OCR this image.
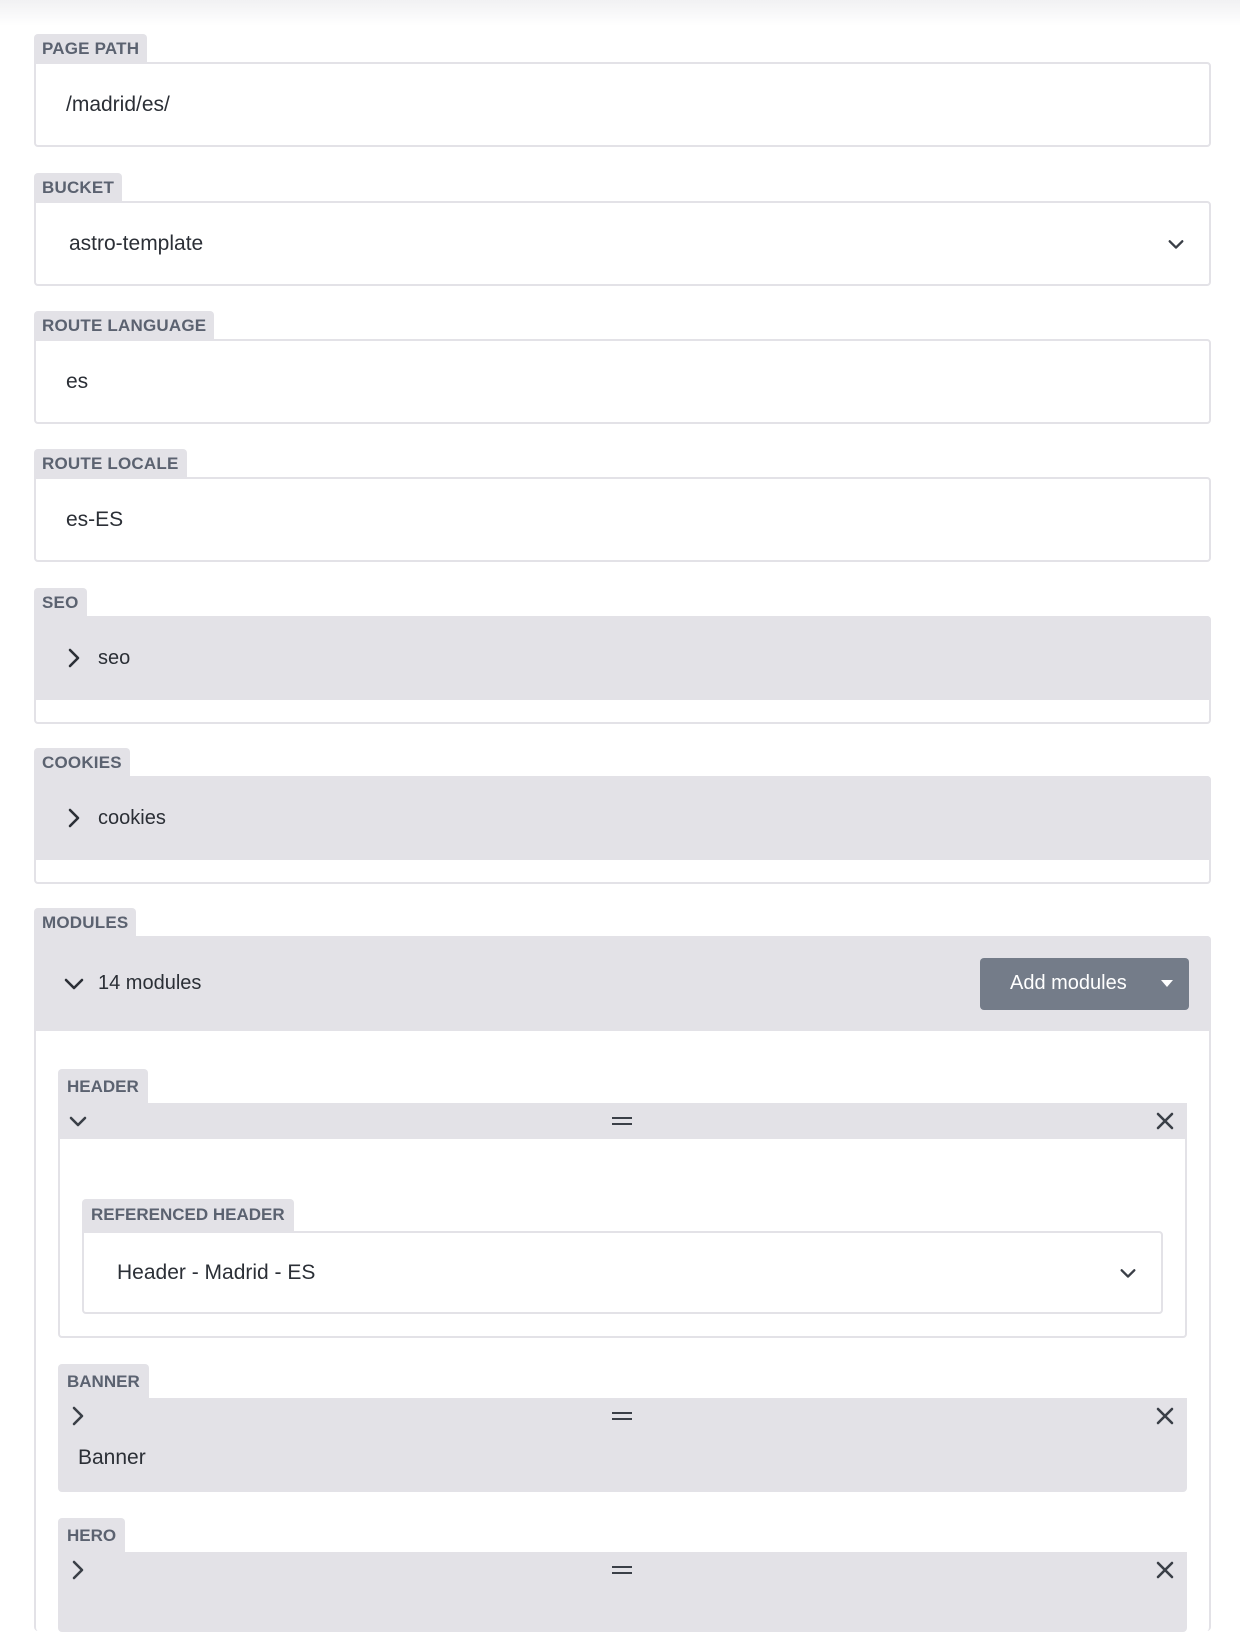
PAGE PATH
/madrid/es/
BUCKET
astro-template
ROUTE LANGUAGE
es
ROUTE LOCALE
es-ES
SEO
seo
COOKIES
cookies
MODULES
14 modules	Add modules
HEADER
REFERENCED HEADER
Header - Madrid - ES
BANNER
Banner
HERO
